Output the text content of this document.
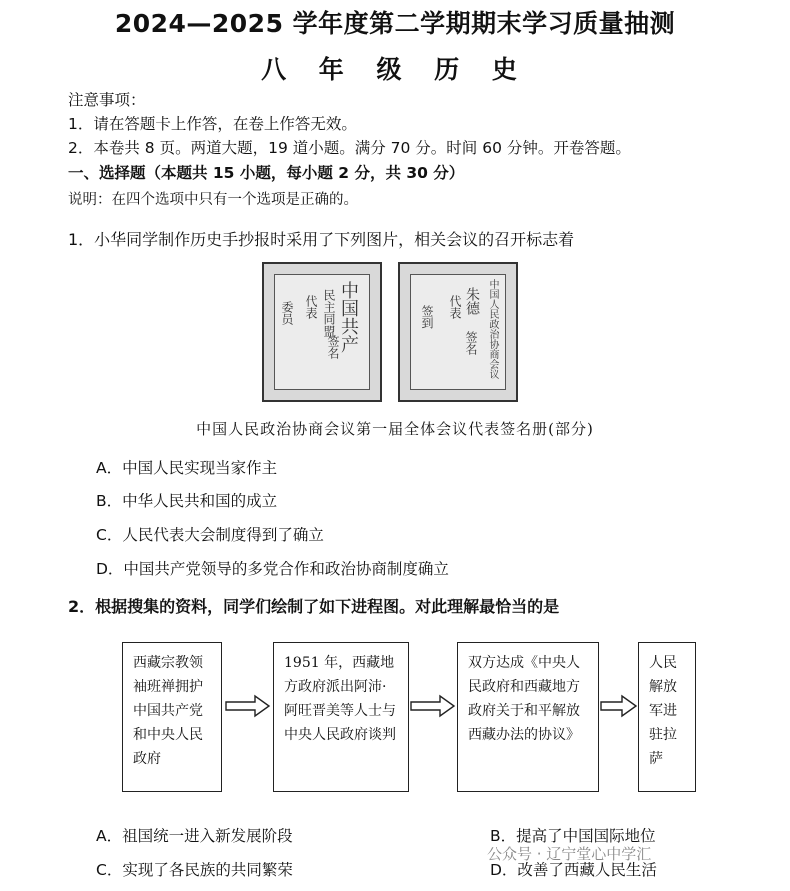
2024—2025 学年度第二学期期末学习质量抽测
八 年 级 历 史
注意事项：
1．请在答题卡上作答，在卷上作答无效。
2．本卷共 8 页。两道大题，19 道小题。满分 70 分。时间 60 分钟。开卷答题。
一、选择题（本题共 15 小题，每小题 2 分，共 30 分）
说明：在四个选项中只有一个选项是正确的。
1．小华同学制作历史手抄报时采用了下列图片，相关会议的召开标志着
中国共产
民主同盟
代表
委员
签名	中国人民政治协商会议
朱德
代表
签到
签名
中国人民政治协商会议第一届全体会议代表签名册(部分)
A．中国人民实现当家作主
B．中华人民共和国的成立
C．人民代表大会制度得到了确立
D．中国共产党领导的多党合作和政治协商制度确立
2．根据搜集的资料，同学们绘制了如下进程图。对此理解最恰当的是
西藏宗教领袖班禅拥护中国共产党和中央人民政府
1951 年，西藏地方政府派出阿沛·阿旺晋美等人士与中央人民政府谈判
双方达成《中央人民政府和西藏地方政府关于和平解放西藏办法的协议》
人民解放军进驻拉萨
A．祖国统一进入新发展阶段	B．提高了中国国际地位
C．实现了各民族的共同繁荣	D．改善了西藏人民生活
公众号 · 辽宁堂心中学汇
